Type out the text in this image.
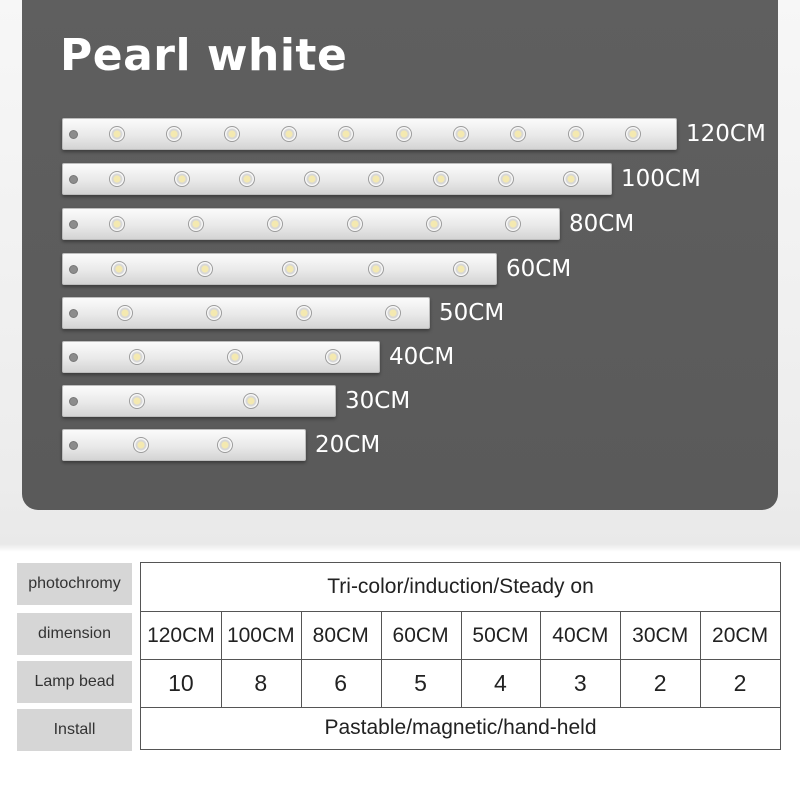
Pearl white
120CM
100CM
80CM
60CM
50CM
40CM
30CM
20CM
photochromy
dimension
Lamp bead
Install
Tri-color/induction/Steady on
Pastable/magnetic/hand-held
120CM
10
100CM
8
80CM
6
60CM
5
50CM
4
40CM
3
30CM
2
20CM
2
